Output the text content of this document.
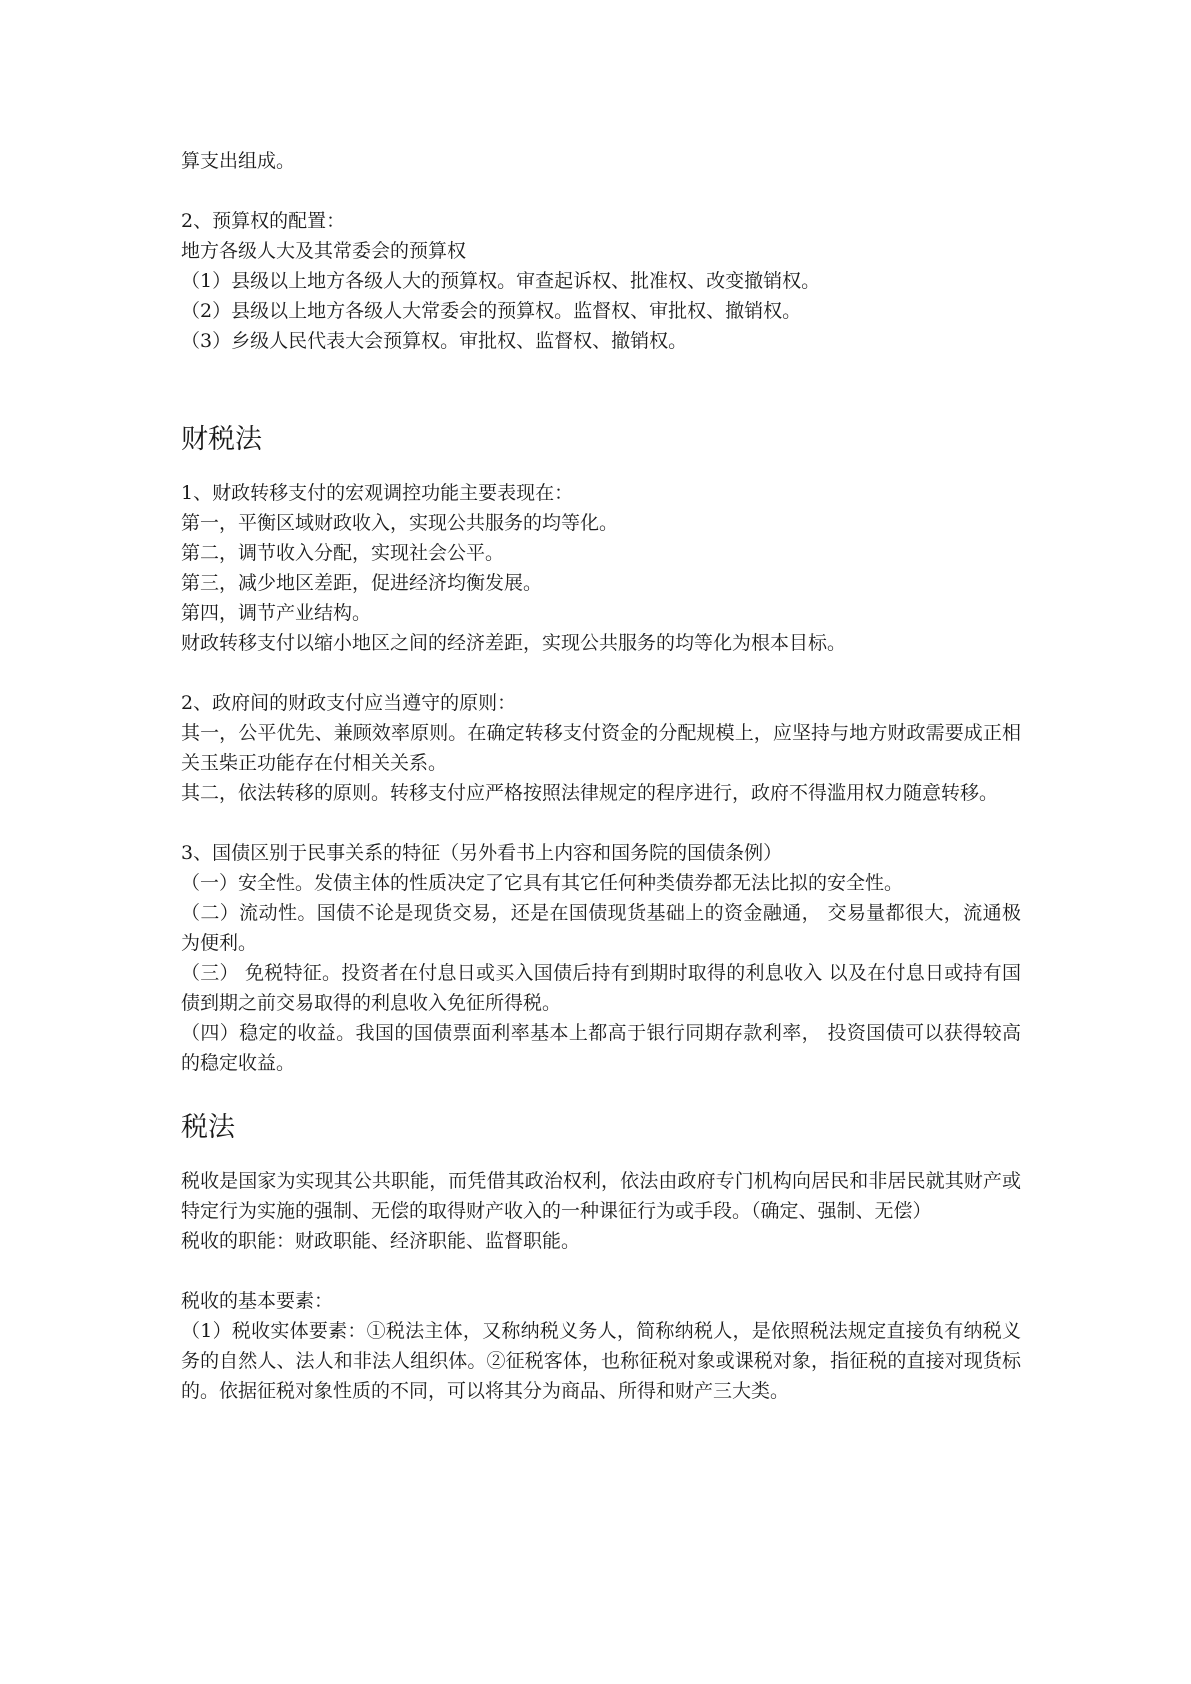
算支出组成。

2、预算权的配置：

地方各级人大及其常委会的预算权

（1）县级以上地方各级人大的预算权。审查起诉权、批准权、改变撤销权。

（2）县级以上地方各级人大常委会的预算权。监督权、审批权、撤销权。

（3）乡级人民代表大会预算权。审批权、监督权、撤销权。

财税法

1、财政转移支付的宏观调控功能主要表现在：

第一，平衡区域财政收入，实现公共服务的均等化。

第二，调节收入分配，实现社会公平。

第三，减少地区差距，促进经济均衡发展。

第四，调节产业结构。

财政转移支付以缩小地区之间的经济差距，实现公共服务的均等化为根本目标。

2、政府间的财政支付应当遵守的原则：

其一，公平优先、兼顾效率原则。在确定转移支付资金的分配规模上，应坚持与地方财政需要成正相关玉柴正功能存在付相关关系。

其二，依法转移的原则。转移支付应严格按照法律规定的程序进行，政府不得滥用权力随意转移。

3、国债区别于民事关系的特征（另外看书上内容和国务院的国债条例）

（一）安全性。发债主体的性质决定了它具有其它任何种类债券都无法比拟的安全性。

（二）流动性。国债不论是现货交易，还是在国债现货基础上的资金融通， 交易量都很大，流通极为便利。

（三） 免税特征。投资者在付息日或买入国债后持有到期时取得的利息收入 以及在付息日或持有国债到期之前交易取得的利息收入免征所得税。

（四）稳定的收益。我国的国债票面利率基本上都高于银行同期存款利率， 投资国债可以获得较高的稳定收益。

税法

税收是国家为实现其公共职能，而凭借其政治权利，依法由政府专门机构向居民和非居民就其财产或特定行为实施的强制、无偿的取得财产收入的一种课征行为或手段。（确定、强制、无偿）

税收的职能：财政职能、经济职能、监督职能。

税收的基本要素：

（1）税收实体要素：①税法主体，又称纳税义务人，简称纳税人，是依照税法规定直接负有纳税义务的自然人、法人和非法人组织体。②征税客体，也称征税对象或课税对象，指征税的直接对现货标的。依据征税对象性质的不同，可以将其分为商品、所得和财产三大类。
